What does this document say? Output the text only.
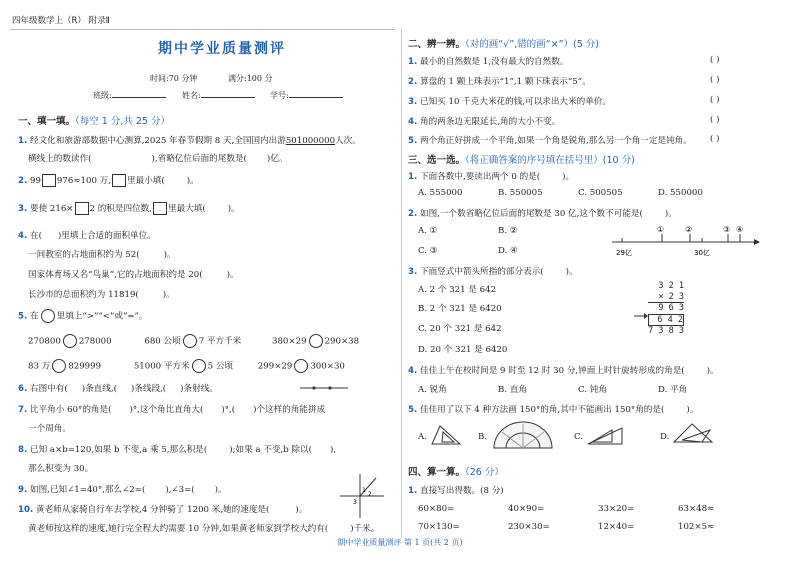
四年级数学上（R） 附录Ⅱ
期中学业质量测评
时间:70 分钟	满分:100 分
班级:	姓名:	学号:
一、填一填。（每空 1 分,共 25 分）
1. 经文化和旅游部数据中心测算,2025 年春节假期 8 天,全国国内出游501000000人次。
横线上的数读作(	),省略亿位后面的尾数是( )亿。
2. 99 976≈100 万, 里最小填(	)。
3. 要使 216× 2 的积是四位数, 里最大填(	)。
4. 在( )里填上合适的面积单位。
一间教室的占地面积约为 52(	)。
国家体育场又名“鸟巢”,它的占地面积约是 20(	)。
长沙市的总面积约为 11819(	)。
5. 在 里填上“>”“<”或“=”。
270800 278000	680 公顷 7 平方千米	380×29 290×38
83 万 829999	51000 平方米 5 公顷	299×29 300×30
6. 右图中有( )条直线,( )条线段,( )条射线。
7. 比平角小 60°的角是( )°,这个角比直角大( )°,( )个这样的角能拼成
一个周角。
8. 已知 a×b=120,如果 b 不变,a 乘 5,那么积是(	);如果 a 不变,b 除以( ),
那么积变为 30。
9. 如图,已知∠1=40°,那么∠2=( ),∠3=( )。	1
2
3
10. 黄老师从家骑自行车去学校,4 分钟骑了 1200 米,她的速度是(	)。
黄老师按这样的速度,她行完全程大约需要 10 分钟,如果黄老师家到学校大约有(	)千米。
二、辨一辨。（对的画“√”,错的画“×”）(5 分)
1. 最小的自然数是 1,没有最大的自然数。	( )
2. 算盘的 1 颗上珠表示“1”,1 颗下珠表示“5”。	( )
3. 已知买 10 千克大米花的钱,可以求出大米的单价。	( )
4. 角的两条边无限延长,角的大小不变。	( )
5. 两个角正好拼成一个平角,如果一个角是锐角,那么另一个角一定是钝角。 ( )
三、选一选。（将正确答案的序号填在括号里）(10 分)
1. 下面各数中,要读出两个 0 的是(	)。
A. 555000	B. 550005	C. 500505	D. 550000
2. 如图,一个数省略亿位后面的尾数是 30 亿,这个数不可能是(	)。
A. ①	B. ②
C. ③	D. ④	29亿	30亿
①	②	③ ④
3. 下面竖式中箭头所指的部分表示(	)。
A. 2 个 321 是 642
B. 2 个 321 是 6420
C. 20 个 321 是 642
D. 20 个 321 是 6420
3 2 1
× 2 3
9 6 3
6 4 2
7 3 8 3
4. 佳佳上午在校时间是 9 时至 12 时 30 分,钟面上时针旋转形成的角是(	)。
A. 锐角	B. 直角	C. 钝角	D. 平角
5. 佳佳用了以下 4 种方法画 150°的角,其中不能画出 150°角的是(	)。
A.	B.	C.	D.
四、算一算。（26 分）
1. 直接写出得数。(8 分)
60×80=	40×90=	33×20=	63×48≈
70×130=	230×30=	12×40=	102×5≈
期中学业质量测评 第 1 页(共 2 页)
